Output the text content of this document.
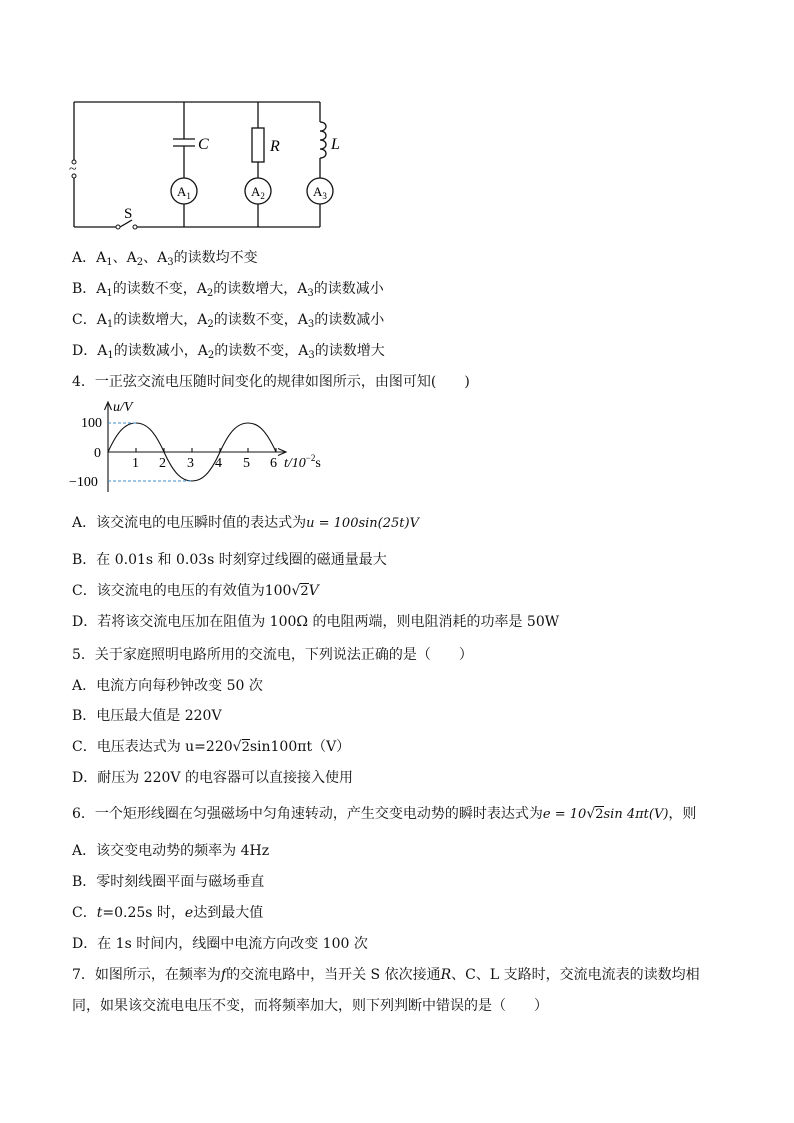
~
C	R	L
S
$A_1$	$A_2$	$A_3$
A．$A_1$、$A_2$、$A_3$的读数均不变
B．$A_1$的读数不变，$A_2$的读数增大，$A_3$的读数减小
C．$A_1$的读数增大，$A_2$的读数不变，$A_3$的读数减小
D．$A_1$的读数减小，$A_2$的读数不变，$A_3$的读数增大
4．一正弦交流电压随时间变化的规律如图所示，由图可知(　　)
u/V
100
0
−100
1 2 3 4 5 6 $t/10^{-2}s$
A．该交流电的电压瞬时值的表达式为u = 100sin(25t)V
B．在 0.01s 和 0.03s 时刻穿过线圈的磁通量最大
C．该交流电的电压的有效值为100√2V
D．若将该交流电压加在阻值为 100Ω 的电阻两端，则电阻消耗的功率是 50W
5．关于家庭照明电路所用的交流电，下列说法正确的是（　　）
A．电流方向每秒钟改变 50 次
B．电压最大值是 220V
C．电压表达式为 u=220√2sin100πt（V）
D．耐压为 220V 的电容器可以直接接入使用
6．一个矩形线圈在匀强磁场中匀角速转动，产生交变电动势的瞬时表达式为e = 10√2sin 4πt(V)，则
A．该交变电动势的频率为 4Hz
B．零时刻线圈平面与磁场垂直
C．t=0.25s 时，e达到最大值
D．在 1s 时间内，线圈中电流方向改变 100 次
7．如图所示，在频率为f的交流电路中，当开关 S 依次接通R、C、L 支路时，交流电流表的读数均相
同，如果该交流电电压不变，而将频率加大，则下列判断中错误的是（　　）
